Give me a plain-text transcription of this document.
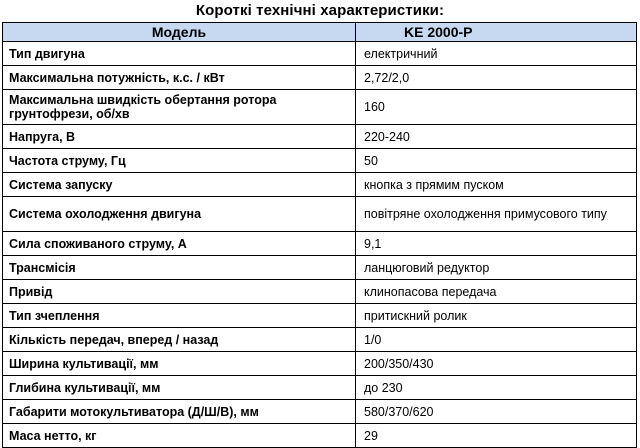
Короткі технічні характеристики:
Модель	KE 2000-P
Тип двигуна	електричний
Максимальна потужність, к.с. / кВт	2,72/2,0
Максимальна швидкість обертання ротора грунтофрези, об/хв	160
Напруга, В	220-240
Частота струму, Гц	50
Система запуску	кнопка з прямим пуском
Система охолодження двигуна	повітряне охолодження примусового типу
Сила споживаного струму, А	9,1
Трансмісія	ланцюговий редуктор
Привід	клинопасова передача
Тип зчеплення	притискний ролик
Кількість передач, вперед / назад	1/0
Ширина культивації, мм	200/350/430
Глибина культивації, мм	до 230
Габарити мотокультиватора (Д/Ш/В), мм	580/370/620
Маса нетто, кг	29
